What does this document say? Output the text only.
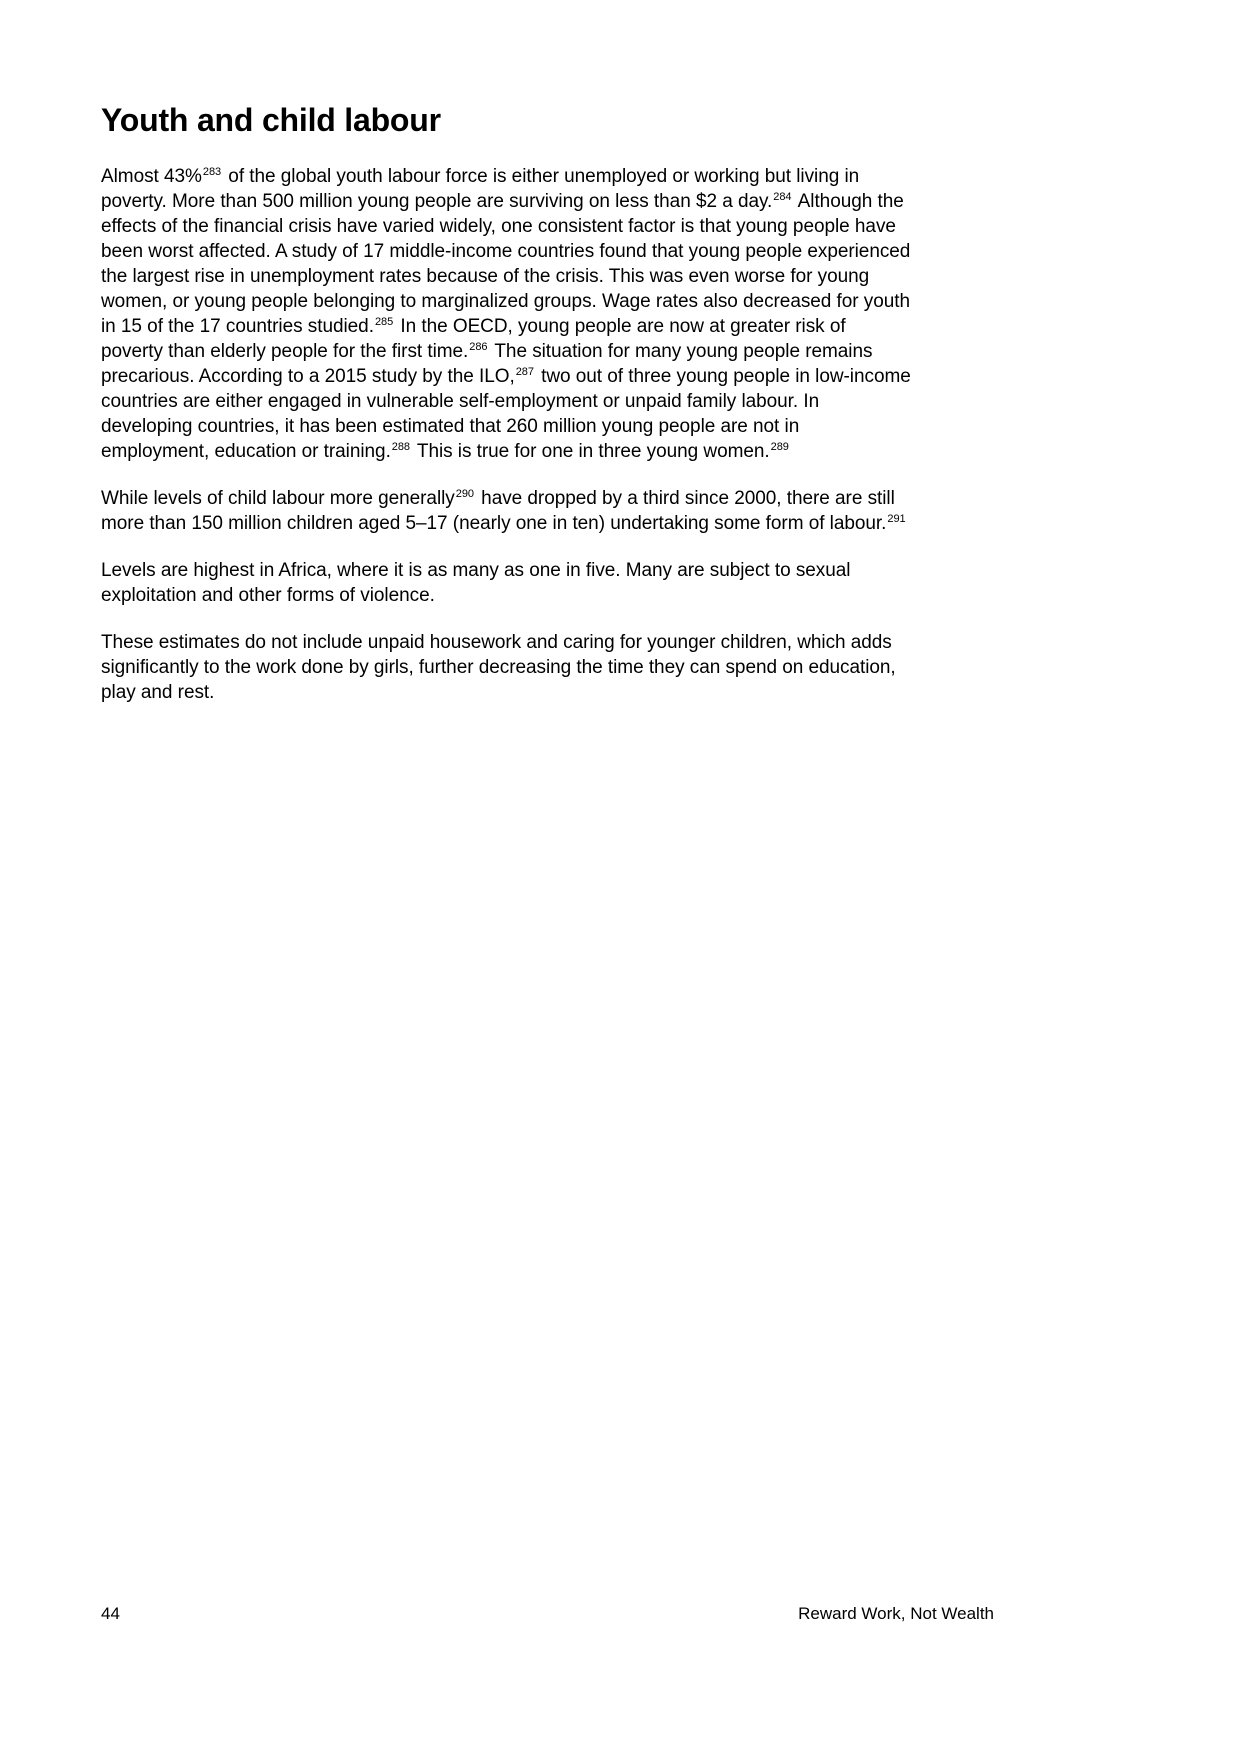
Youth and child labour

Almost 43%$^{283}$ of the global youth labour force is either unemployed or working but living in poverty. More than 500 million young people are surviving on less than $2 a day.$^{284}$ Although the effects of the financial crisis have varied widely, one consistent factor is that young people have been worst affected. A study of 17 middle-income countries found that young people experienced the largest rise in unemployment rates because of the crisis. This was even worse for young women, or young people belonging to marginalized groups. Wage rates also decreased for youth in 15 of the 17 countries studied.$^{285}$ In the OECD, young people are now at greater risk of poverty than elderly people for the first time.$^{286}$ The situation for many young people remains precarious. According to a 2015 study by the ILO,$^{287}$ two out of three young people in low-income countries are either engaged in vulnerable self-employment or unpaid family labour. In developing countries, it has been estimated that 260 million young people are not in employment, education or training.$^{288}$ This is true for one in three young women.$^{289}$

While levels of child labour more generally$^{290}$ have dropped by a third since 2000, there are still more than 150 million children aged 5–17 (nearly one in ten) undertaking some form of labour.$^{291}$

Levels are highest in Africa, where it is as many as one in five. Many are subject to sexual exploitation and other forms of violence.

These estimates do not include unpaid housework and caring for younger children, which adds significantly to the work done by girls, further decreasing the time they can spend on education, play and rest.

44	Reward Work, Not Wealth
